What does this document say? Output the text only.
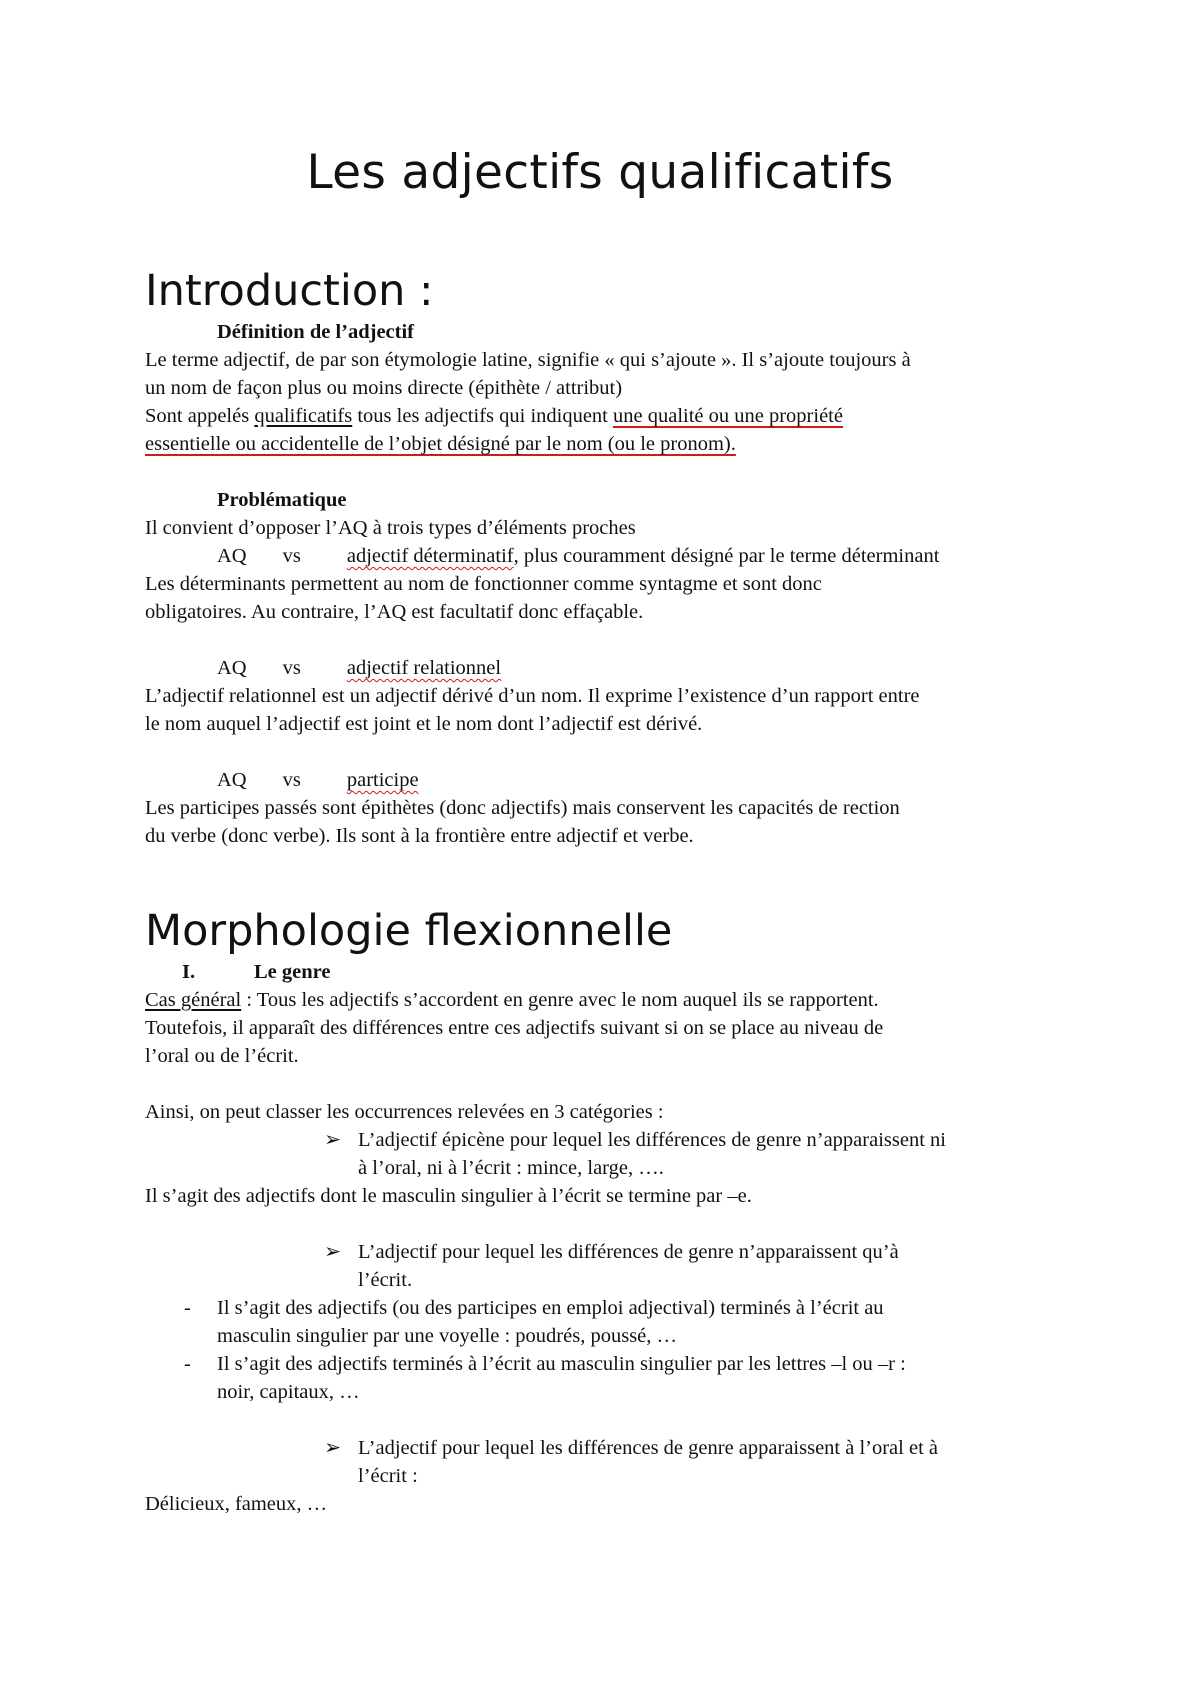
Les adjectifs qualificatifs
Introduction :
Définition de l’adjectif
Le terme adjectif, de par son étymologie latine, signifie « qui s’ajoute ». Il s’ajoute toujours à
un nom de façon plus ou moins directe (épithète / attribut)
Sont appelés qualificatifs tous les adjectifs qui indiquent une qualité ou une propriété
essentielle ou accidentelle de l’objet désigné par le nom (ou le pronom).
Problématique
Il convient d’opposer l’AQ à trois types d’éléments proches
AQ vs adjectif déterminatif, plus couramment désigné par le terme déterminant
Les déterminants permettent au nom de fonctionner comme syntagme et sont donc
obligatoires. Au contraire, l’AQ est facultatif donc effaçable.
AQ vs adjectif relationnel
L’adjectif relationnel est un adjectif dérivé d’un nom. Il exprime l’existence d’un rapport entre
le nom auquel l’adjectif est joint et le nom dont l’adjectif est dérivé.
AQ vs participe
Les participes passés sont épithètes (donc adjectifs) mais conservent les capacités de rection
du verbe (donc verbe). Ils sont à la frontière entre adjectif et verbe.
Morphologie flexionnelle
I.	Le genre
Cas général : Tous les adjectifs s’accordent en genre avec le nom auquel ils se rapportent.
Toutefois, il apparaît des différences entre ces adjectifs suivant si on se place au niveau de
l’oral ou de l’écrit.
Ainsi, on peut classer les occurrences relevées en 3 catégories :
➢ L’adjectif épicène pour lequel les différences de genre n’apparaissent ni
à l’oral, ni à l’écrit : mince, large, ….
Il s’agit des adjectifs dont le masculin singulier à l’écrit se termine par –e.
➢ L’adjectif pour lequel les différences de genre n’apparaissent qu’à
l’écrit.
- Il s’agit des adjectifs (ou des participes en emploi adjectival) terminés à l’écrit au
masculin singulier par une voyelle : poudrés, poussé, …
- Il s’agit des adjectifs terminés à l’écrit au masculin singulier par les lettres –l ou –r :
noir, capitaux, …
➢ L’adjectif pour lequel les différences de genre apparaissent à l’oral et à
l’écrit :
Délicieux, fameux, …
